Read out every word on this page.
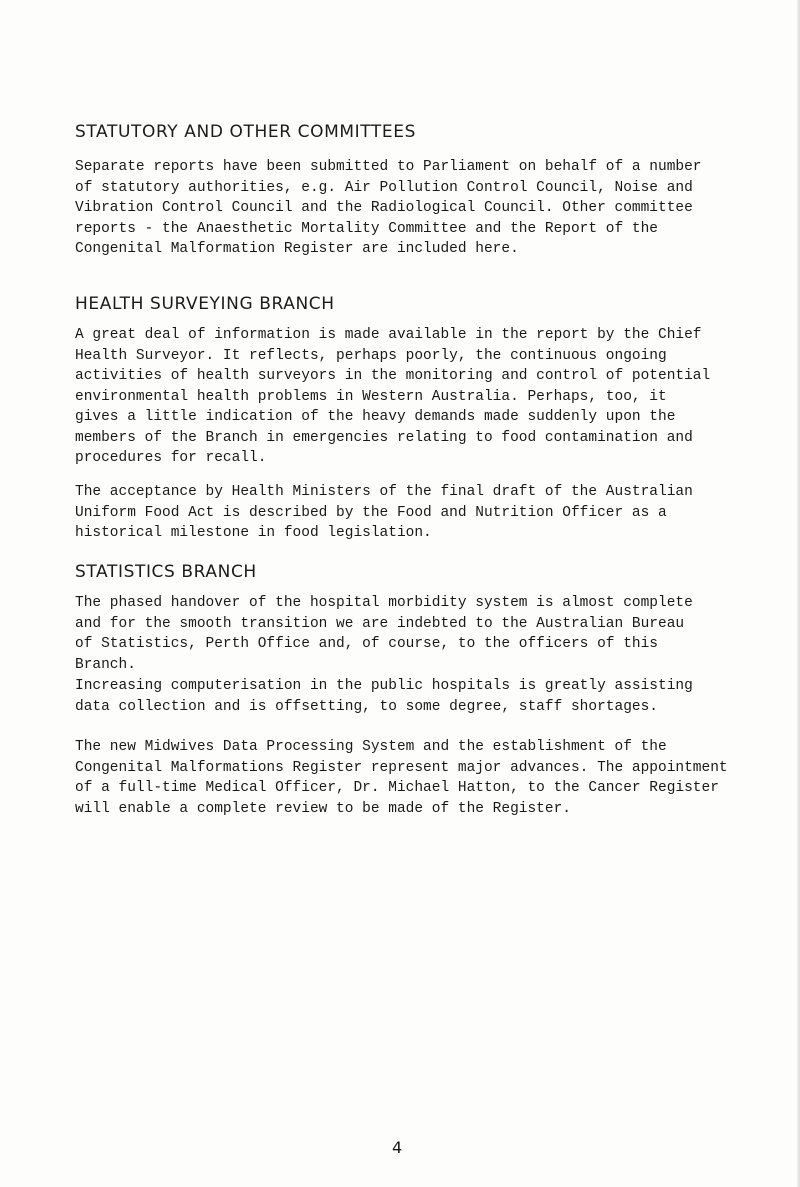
STATUTORY AND OTHER COMMITTEES
Separate reports have been submitted to Parliament on behalf of a number
of statutory authorities, e.g. Air Pollution Control Council, Noise and
Vibration Control Council and the Radiological Council. Other committee
reports - the Anaesthetic Mortality Committee and the Report of the
Congenital Malformation Register are included here.
HEALTH SURVEYING BRANCH
A great deal of information is made available in the report by the Chief
Health Surveyor. It reflects, perhaps poorly, the continuous ongoing
activities of health surveyors in the monitoring and control of potential
environmental health problems in Western Australia. Perhaps, too, it
gives a little indication of the heavy demands made suddenly upon the
members of the Branch in emergencies relating to food contamination and
procedures for recall.
The acceptance by Health Ministers of the final draft of the Australian
Uniform Food Act is described by the Food and Nutrition Officer as a
historical milestone in food legislation.
STATISTICS BRANCH
The phased handover of the hospital morbidity system is almost complete
and for the smooth transition we are indebted to the Australian Bureau
of Statistics, Perth Office and, of course, to the officers of this
Branch.
Increasing computerisation in the public hospitals is greatly assisting
data collection and is offsetting, to some degree, staff shortages.
The new Midwives Data Processing System and the establishment of the
Congenital Malformations Register represent major advances. The appointment
of a full-time Medical Officer, Dr. Michael Hatton, to the Cancer Register
will enable a complete review to be made of the Register.
4
